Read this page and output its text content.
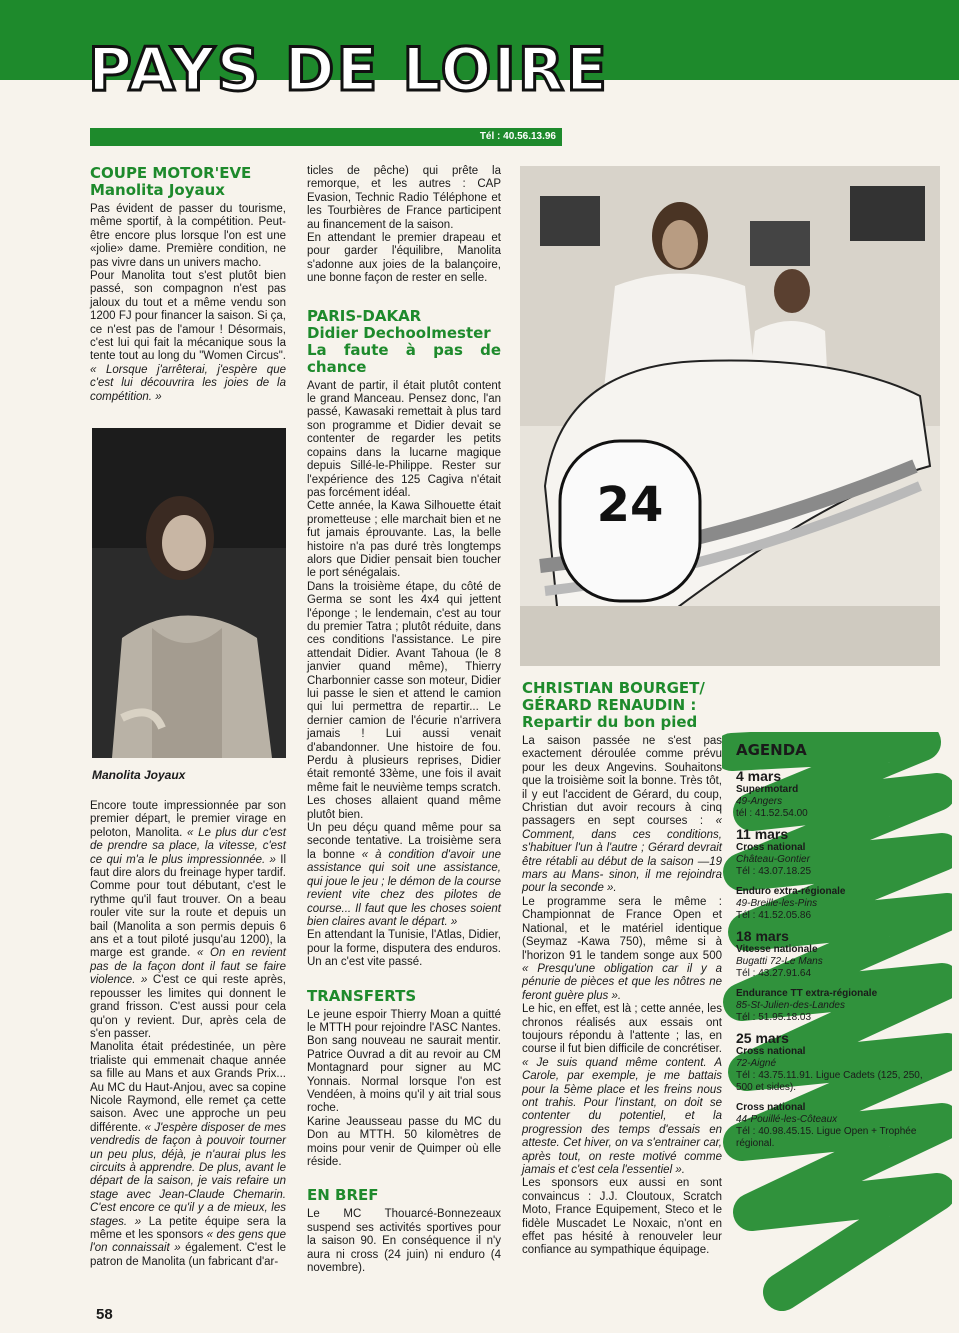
PAYS DE LOIRE
Tél : 40.56.13.96
COUPE MOTOR'EVE
Manolita Joyaux

Pas évident de passer du tourisme, même sportif, à la compétition. Peut-être encore plus lorsque l'on est une «jolie» dame. Première condition, ne pas vivre dans un univers macho.

Pour Manolita tout s'est plutôt bien passé, son compagnon n'est pas jaloux du tout et a même vendu son 1200 FJ pour financer la saison. Si ça, ce n'est pas de l'amour ! Désormais, c'est lui qui fait la mécanique sous la tente tout au long du "Women Circus". « Lorsque j'arrêterai, j'espère que c'est lui découvrira les joies de la compétition. »

Manolita Joyaux

Encore toute impressionnée par son premier départ, le premier virage en peloton, Manolita. « Le plus dur c'est de prendre sa place, la vitesse, c'est ce qui m'a le plus impressionnée. » Il faut dire alors du freinage hyper tardif. Comme pour tout débutant, c'est le rythme qu'il faut trouver. On a beau rouler vite sur la route et depuis un bail (Manolita a son permis depuis 6 ans et a tout piloté jusqu'au 1200), la marge est grande. « On en revient pas de la façon dont il faut se faire violence. » C'est ce qui reste après, repousser les limites qui donnent le grand frisson. C'est aussi pour cela qu'on y revient. Dur, après cela de s'en passer.

Manolita était prédestinée, un père trialiste qui emmenait chaque année sa fille au Mans et aux Grands Prix... Au MC du Haut-Anjou, avec sa copine Nicole Raymond, elle remet ça cette saison. Avec une approche un peu différente. « J'espère disposer de mes vendredis de façon à pouvoir tourner un peu plus, déjà, je n'aurai plus les circuits à apprendre. De plus, avant le départ de la saison, je vais refaire un stage avec Jean-Claude Chemarin. C'est encore ce qu'il y a de mieux, les stages. » La petite équipe sera la même et les sponsors « des gens que l'on connaissait » également. C'est le patron de Manolita (un fabricant d'ar-

ticles de pêche) qui prête la remorque, et les autres : CAP Evasion, Technic Radio Téléphone et les Tourbières de France participent au financement de la saison.

En attendant le premier drapeau et pour garder l'équilibre, Manolita s'adonne aux joies de la balançoire, une bonne façon de rester en selle.

PARIS-DAKAR
Didier Dechoolmester
La faute à pas de chance

Avant de partir, il était plutôt content le grand Manceau. Pensez donc, l'an passé, Kawasaki remettait à plus tard son programme et Didier devait se contenter de regarder les petits copains dans la lucarne magique depuis Sillé-le-Philippe. Rester sur l'expérience des 125 Cagiva n'était pas forcément idéal.

Cette année, la Kawa Silhouette était prometteuse ; elle marchait bien et ne fut jamais éprouvante. Las, la belle histoire n'a pas duré très longtemps alors que Didier pensait bien toucher le port sénégalais.

Dans la troisième étape, du côté de Germa se sont les 4x4 qui jettent l'éponge ; le lendemain, c'est au tour du premier Tatra ; plutôt réduite, dans ces conditions l'assistance. Le pire attendait Didier. Avant Tahoua (le 8 janvier quand même), Thierry Charbonnier casse son moteur, Didier lui passe le sien et attend le camion qui lui permettra de repartir... Le dernier camion de l'écurie n'arrivera jamais ! Lui aussi venait d'abandonner. Une histoire de fou. Perdu à plusieurs reprises, Didier était remonté 33ème, une fois il avait même fait le neuvième temps scratch. Les choses allaient quand même plutôt bien.

Un peu déçu quand même pour sa seconde tentative. La troisième sera la bonne « à condition d'avoir une assistance qui soit une assistance, qui joue le jeu ; le démon de la course revient vite chez des pilotes de course... Il faut que les choses soient bien claires avant le départ. »

En attendant la Tunisie, l'Atlas, Didier, pour la forme, disputera des enduros. Un an c'est vite passé.

TRANSFERTS

Le jeune espoir Thierry Moan a quitté le MTTH pour rejoindre l'ASC Nantes. Bon sang nouveau ne saurait mentir. Patrice Ouvrad a dit au revoir au CM Montagnard pour signer au MC Yonnais. Normal lorsque l'on est Vendéen, à moins qu'il y ait trial sous roche.

Karine Jeausseau passe du MC du Don au MTTH. 50 kilomètres de moins pour venir de Quimper où elle réside.

EN BREF

Le MC Thouarcé-Bonnezeaux suspend ses activités sportives pour la saison 90. En conséquence il n'y aura ni cross (24 juin) ni enduro (4 novembre).

24
CHRISTIAN BOURGET/
GÉRARD RENAUDIN :
Repartir du bon pied

La saison passée ne s'est pas exactement déroulée comme prévu pour les deux Angevins. Souhaitons que la troisième soit la bonne. Très tôt, il y eut l'accident de Gérard, du coup, Christian dut avoir recours à cinq passagers en sept courses : « Comment, dans ces conditions, s'habituer l'un à l'autre ; Gérard devrait être rétabli au début de la saison —19 mars au Mans- sinon, il me rejoindra pour la seconde ».

Le programme sera le même : Championnat de France Open et National, et le matériel identique (Seymaz -Kawa 750), même si à l'horizon 91 le tandem songe aux 500 « Presqu'une obligation car il y a pénurie de pièces et que les nôtres ne feront guère plus ».

Le hic, en effet, est là ; cette année, les chronos réalisés aux essais ont toujours répondu à l'attente ; las, en course il fut bien difficile de concrétiser. « Je suis quand même content. A Carole, par exemple, je me battais pour la 5ème place et les freins nous ont trahis. Pour l'instant, on doit se contenter du potentiel, et la progression des temps d'essais en atteste. Cet hiver, on va s'entrainer car, après tout, on reste motivé comme jamais et c'est cela l'essentiel ».

Les sponsors eux aussi en sont convaincus : J.J. Cloutoux, Scratch Moto, France Equipement, Steco et le fidèle Muscadet Le Noxaic, n'ont en effet pas hésité à renouveler leur confiance au sympathique équipage.

AGENDA
4 mars
Supermotard
49-Angers
tél : 41.52.54.00
11 mars
Cross national
Château-Gontier
Tél : 43.07.18.25
Enduro extra-régionale
49-Breille-les-Pins
Tél : 41.52.05.86
18 mars
Vitesse nationale
Bugatti 72-Le Mans
Tél : 43.27.91.64
Endurance TT extra-régionale
85-St-Julien-des-Landes
Tél : 51.95.18.03
25 mars
Cross national
72-Aigné
Tél : 43.75.11.91. Ligue Cadets (125, 250, 500 et sides).
Cross national
44-Pouillé-les-Côteaux
Tél : 40.98.45.15. Ligue Open + Trophée régional.
58
